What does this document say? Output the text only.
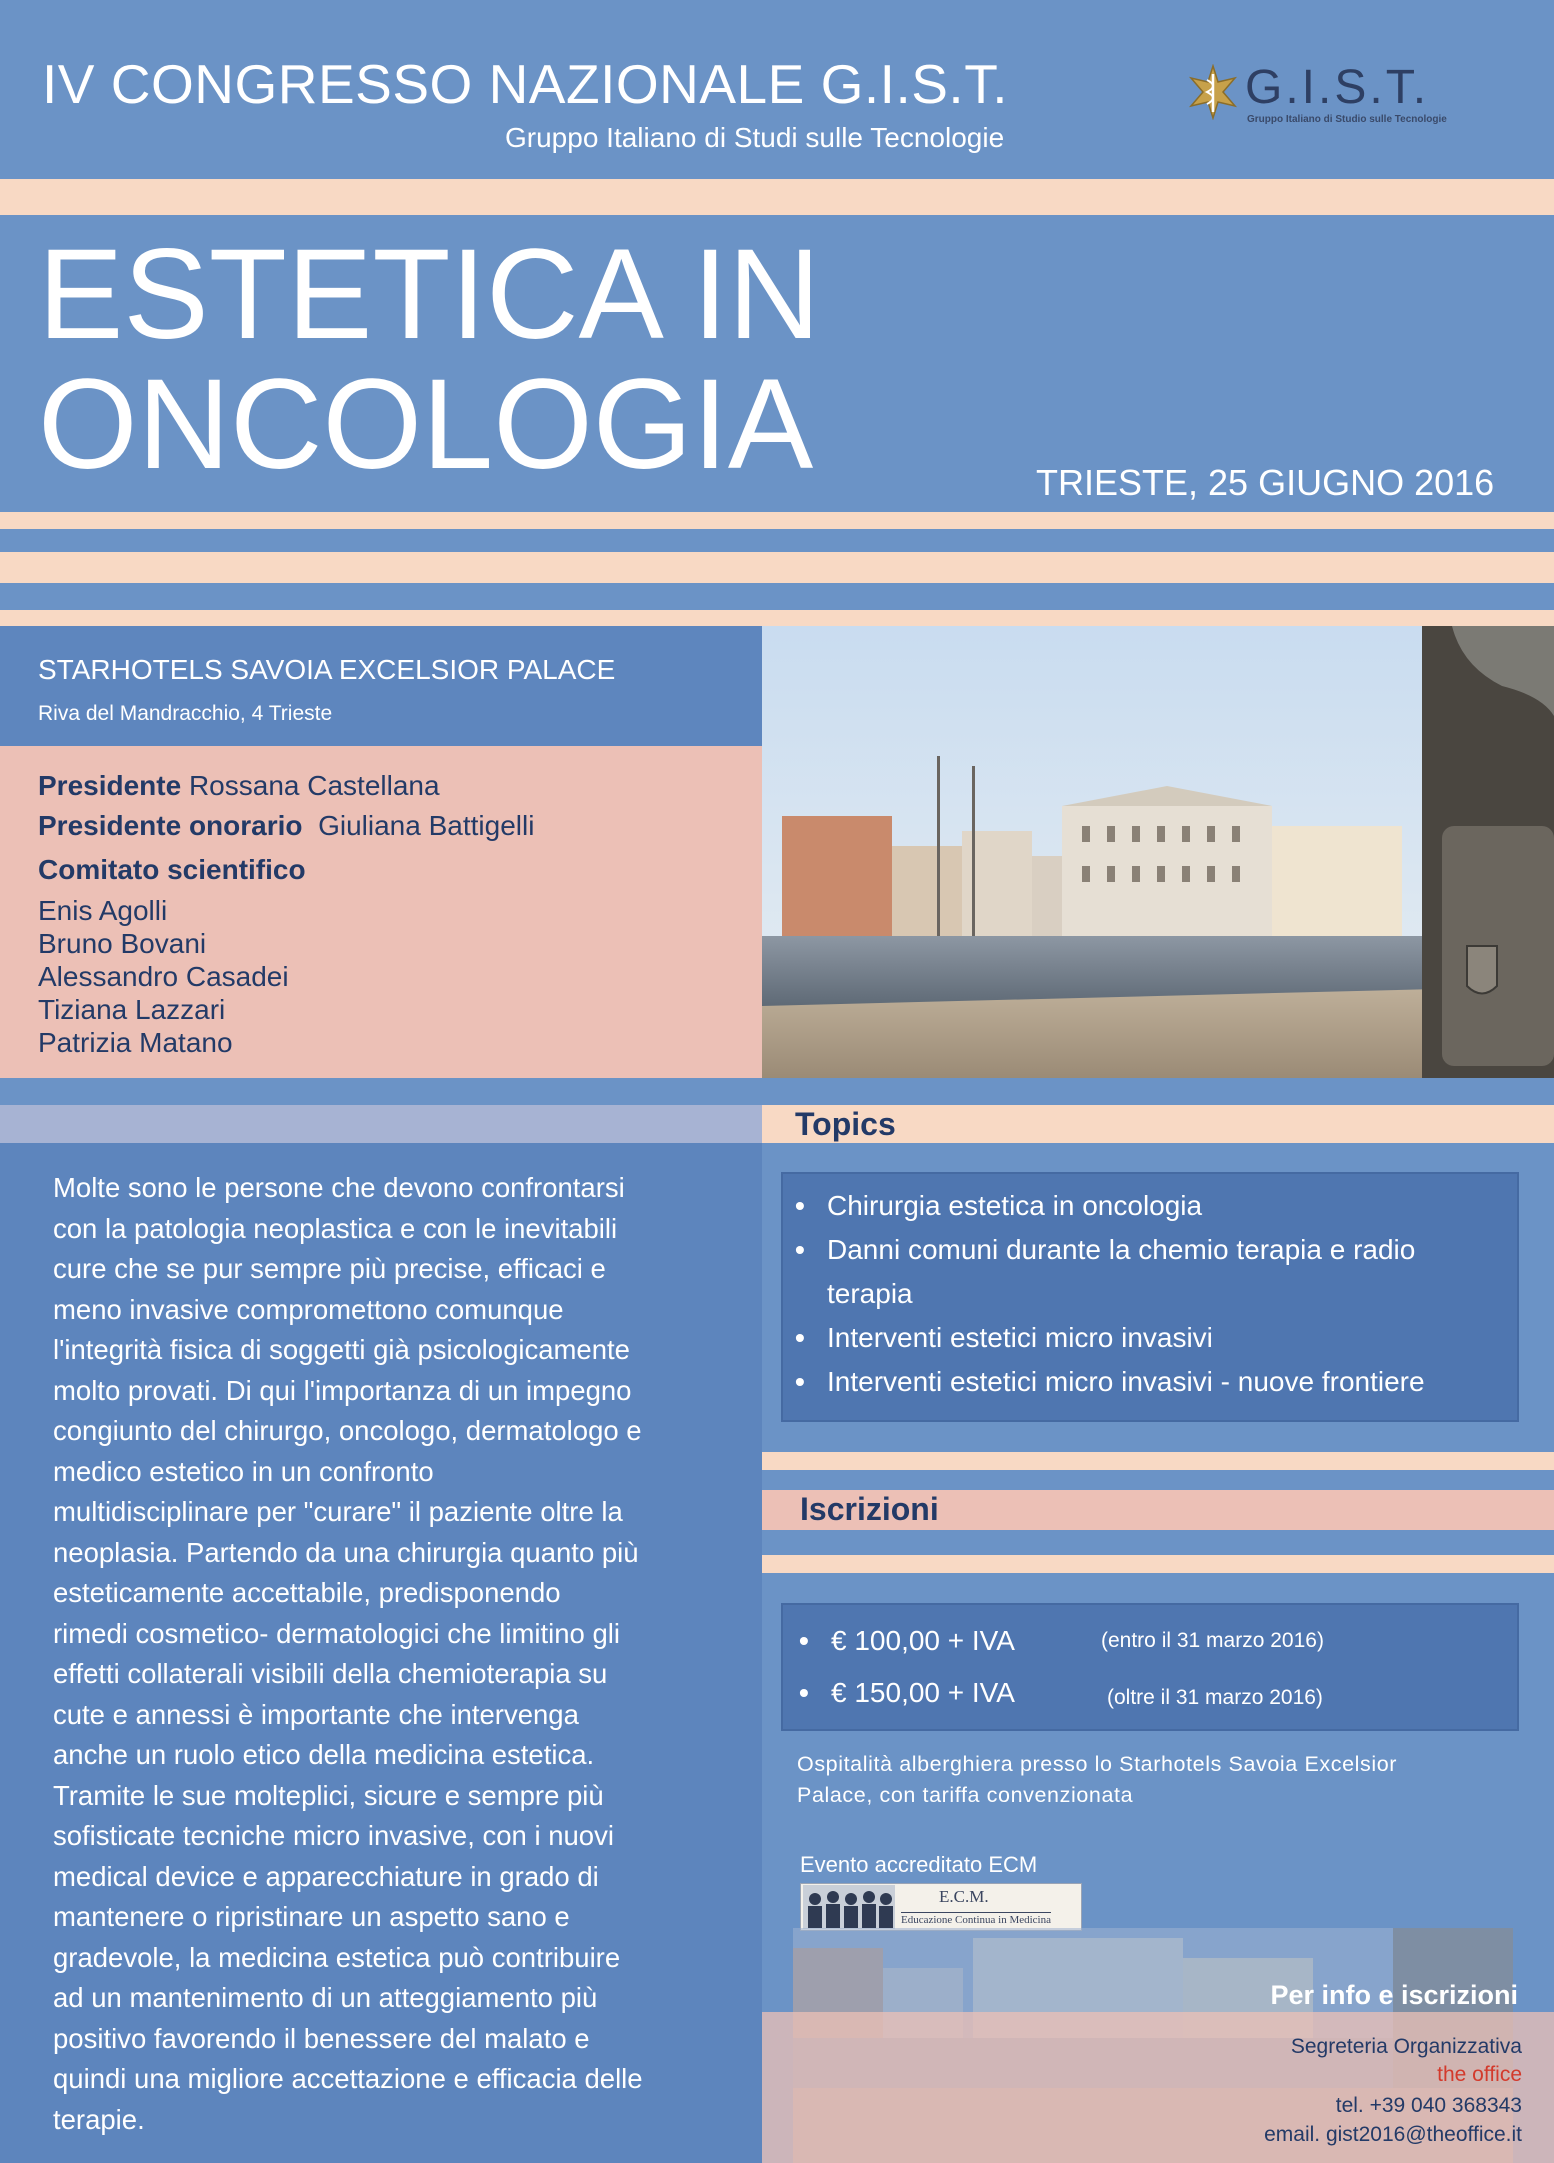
IV CONGRESSO NAZIONALE G.I.S.T.
Gruppo Italiano di Studi sulle Tecnologie
G.I.S.T.
Gruppo Italiano di Studio sulle Tecnologie
ESTETICA IN
ONCOLOGIA	TRIESTE, 25 GIUGNO 2016
STARHOTELS SAVOIA EXCELSIOR PALACE
Riva del Mandracchio, 4 Trieste
Presidente Rossana Castellana
Presidente onorario Giuliana Battigelli
Comitato scientifico
Enis Agolli
Bruno Bovani
Alessandro Casadei
Tiziana Lazzari
Patrizia Matano
Molte sono le persone che devono confrontarsi
con la patologia neoplastica e con le inevitabili
cure che se pur sempre più precise, efficaci e
meno invasive compromettono comunque
l'integrità fisica di soggetti già psicologicamente
molto provati. Di qui l'importanza di un impegno
congiunto del chirurgo, oncologo, dermatologo e
medico estetico in un confronto
multidisciplinare per "curare" il paziente oltre la
neoplasia. Partendo da una chirurgia quanto più
esteticamente accettabile, predisponendo
rimedi cosmetico- dermatologici che limitino gli
effetti collaterali visibili della chemioterapia su
cute e annessi è importante che intervenga
anche un ruolo etico della medicina estetica.
Tramite le sue molteplici, sicure e sempre più
sofisticate tecniche micro invasive, con i nuovi
medical device e apparecchiature in grado di
mantenere o ripristinare un aspetto sano e
gradevole, la medicina estetica può contribuire
ad un mantenimento di un atteggiamento più
positivo favorendo il benessere del malato e
quindi una migliore accettazione e efficacia delle
terapie.
Topics
• Chirurgia estetica in oncologia
• Danni comuni durante la chemio terapia e radio
terapia
• Interventi estetici micro invasivi
• Interventi estetici micro invasivi - nuove frontiere
Iscrizioni
• € 100,00 + IVA	(entro il 31 marzo 2016)
• € 150,00 + IVA	(oltre il 31 marzo 2016)
Ospitalità alberghiera presso lo Starhotels Savoia Excelsior
Palace, con tariffa convenzionata
Evento accreditato ECM
E.C.M.
Educazione Continua in Medicina
Per info e iscrizioni
Segreteria Organizzativa
the office
tel. +39 040 368343
email. gist2016@theoffice.it
